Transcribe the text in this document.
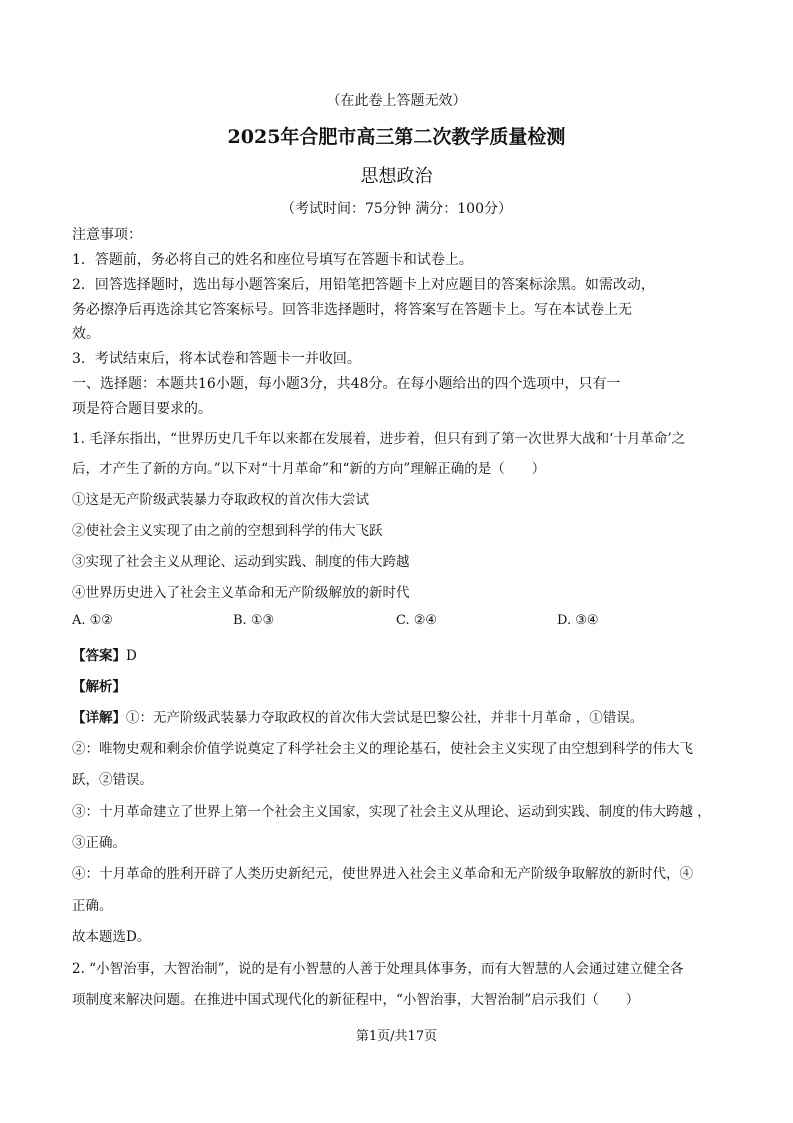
（在此卷上答题无效）
2025年合肥市高三第二次教学质量检测
思想政治
（考试时间：75分钟 满分：100分）
注意事项：
1．答题前，务必将自己的姓名和座位号填写在答题卡和试卷上。
2．回答选择题时，选出每小题答案后，用铅笔把答题卡上对应题目的答案标涂黑。如需改动，
务必擦净后再选涂其它答案标号。回答非选择题时，将答案写在答题卡上。写在本试卷上无
效。
3．考试结束后，将本试卷和答题卡一并收回。
一、选择题：本题共16小题，每小题3分，共48分。在每小题给出的四个选项中，只有一
项是符合题目要求的。
1. 毛泽东指出，“世界历史几千年以来都在发展着，进步着，但只有到了第一次世界大战和‘十月革命’之
后，才产生了新的方向。”以下对“十月革命”和“新的方向”理解正确的是（　　）
①这是无产阶级武装暴力夺取政权的首次伟大尝试
②使社会主义实现了由之前的空想到科学的伟大飞跃
③实现了社会主义从理论、运动到实践、制度的伟大跨越
④世界历史进入了社会主义革命和无产阶级解放的新时代
A. ①②	B. ①③	C. ②④	D. ③④
【答案】D
【解析】
【详解】①：无产阶级武装暴力夺取政权的首次伟大尝试是巴黎公社，并非十月革命 ，①错误。
②：唯物史观和剩余价值学说奠定了科学社会主义的理论基石，使社会主义实现了由空想到科学的伟大飞
跃，②错误。
③：十月革命建立了世界上第一个社会主义国家，实现了社会主义从理论、运动到实践、制度的伟大跨越 ，
③正确。
④：十月革命的胜利开辟了人类历史新纪元，使世界进入社会主义革命和无产阶级争取解放的新时代，④
正确。
故本题选D。
2. “小智治事，大智治制”，说的是有小智慧的人善于处理具体事务，而有大智慧的人会通过建立健全各
项制度来解决问题。在推进中国式现代化的新征程中，“小智治事，大智治制”启示我们（　　）
第1页/共17页
